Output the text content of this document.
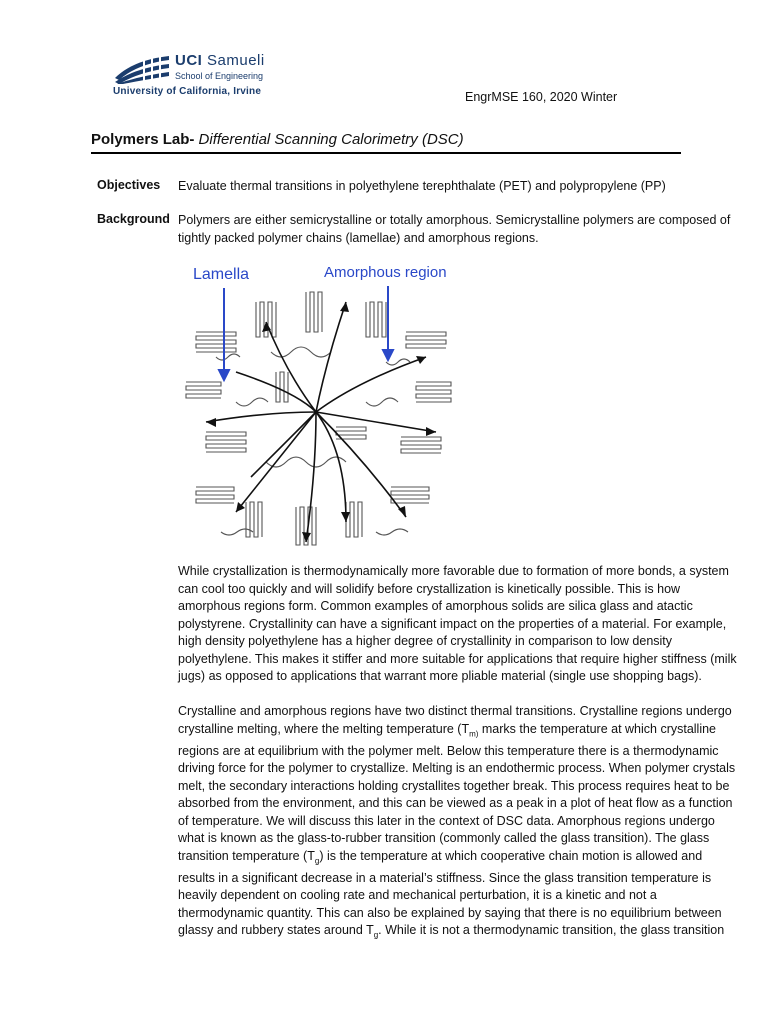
UCI Samueli
School of Engineering
University of California, Irvine	EngrMSE 160, 2020 Winter
Polymers Lab- Differential Scanning Calorimetry (DSC)
Objectives Evaluate thermal transitions in polyethylene terephthalate (PET) and polypropylene (PP)
Background Polymers are either semicrystalline or totally amorphous. Semicrystalline polymers are composed of tightly packed polymer chains (lamellae) and amorphous regions.
Lamella	Amorphous region

While crystallization is thermodynamically more favorable due to formation of more bonds, a system
can cool too quickly and will solidify before crystallization is kinetically possible. This is how
amorphous regions form. Common examples of amorphous solids are silica glass and atactic
polystyrene. Crystallinity can have a significant impact on the properties of a material. For example,
high density polyethylene has a higher degree of crystallinity in comparison to low density
polyethylene. This makes it stiffer and more suitable for applications that require higher stiffness (milk
jugs) as opposed to applications that warrant more pliable material (single use shopping bags).

Crystalline and amorphous regions have two distinct thermal transitions. Crystalline regions undergo
crystalline melting, where the melting temperature ($T_{m)}$ marks the temperature at which crystalline
regions are at equilibrium with the polymer melt. Below this temperature there is a thermodynamic
driving force for the polymer to crystallize. Melting is an endothermic process. When polymer crystals
melt, the secondary interactions holding crystallites together break. This process requires heat to be
absorbed from the environment, and this can be viewed as a peak in a plot of heat flow as a function
of temperature. We will discuss this later in the context of DSC data. Amorphous regions undergo
what is known as the glass-to-rubber transition (commonly called the glass transition). The glass
transition temperature $(T_g)$ is the temperature at which cooperative chain motion is allowed and
results in a significant decrease in a material’s stiffness. Since the glass transition temperature is
heavily dependent on cooling rate and mechanical perturbation, it is a kinetic and not a
thermodynamic quantity. This can also be explained by saying that there is no equilibrium between
glassy and rubbery states around $T_g$. While it is not a thermodynamic transition, the glass transition
